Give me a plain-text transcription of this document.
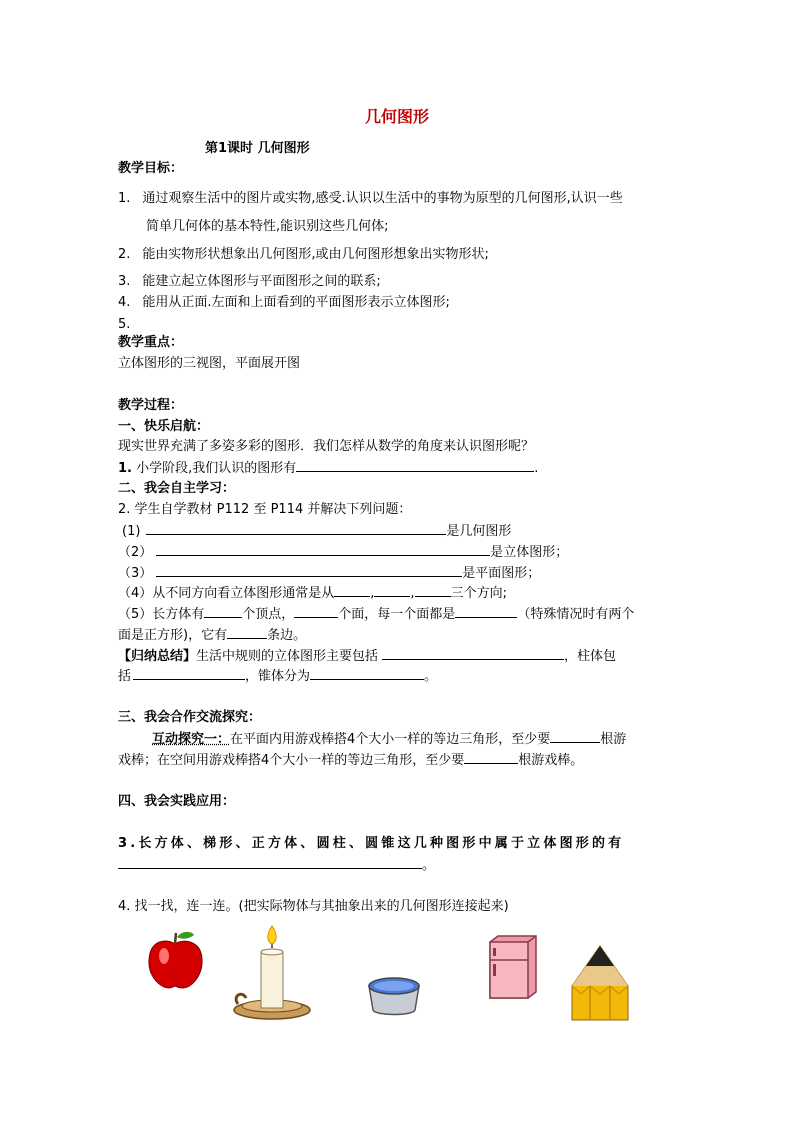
几何图形
第1课时 几何图形
教学目标：
1. 通过观察生活中的图片或实物,感受.认识以生活中的事物为原型的几何图形,认识一些
简单几何体的基本特性,能识别这些几何体;
2. 能由实物形状想象出几何图形,或由几何图形想象出实物形状;
3. 能建立起立体图形与平面图形之间的联系;
4. 能用从正面.左面和上面看到的平面图形表示立体图形;
5.
教学重点：
立体图形的三视图，平面展开图
教学过程：
一、快乐启航：
现实世界充满了多姿多彩的图形．我们怎样从数学的角度来认识图形呢？
1. 小学阶段,我们认识的图形有	.
二、我会自主学习：
2. 学生自学教材 P112 至 P114 并解决下列问题：
(1)	是几何图形
（2）	是立体图形；
（3）	是平面图形；
（4）从不同方向看立体图形通常是从	,	,	三个方向;
（5）长方体有	个顶点，	个面，每一个面都是	（特殊情况时有两个
面是正方形)，它有	条边。
【归纳总结】生活中规则的立体图形主要包括	，柱体包
括	，锥体分为	。
三、我会合作交流探究：
互动探究一：在平面内用游戏棒搭4个大小一样的等边三角形，至少要	根游
戏棒；在空间用游戏棒搭4个大小一样的等边三角形，至少要	根游戏棒。
四、我会实践应用：
3.长方体、梯形、正方体、圆柱、圆锥这几种图形中属于立体图形的有
。
4. 找一找，连一连。(把实际物体与其抽象出来的几何图形连接起来)
